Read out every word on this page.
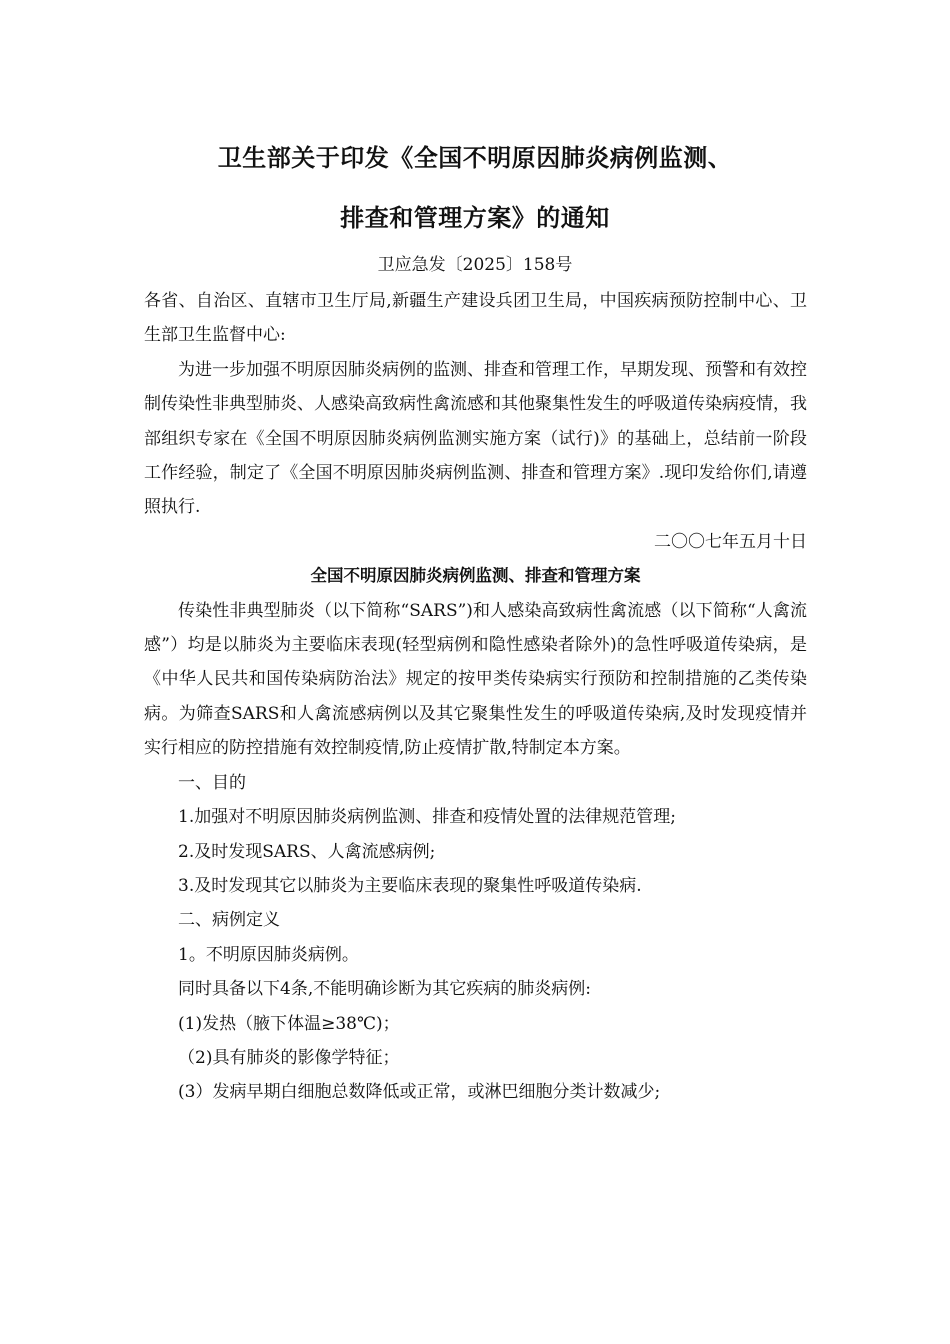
卫生部关于印发《全国不明原因肺炎病例监测、
排查和管理方案》的通知
卫应急发〔2025〕158号

各省、自治区、直辖市卫生厅局,新疆生产建设兵团卫生局，中国疾病预防控制中心、卫生部卫生监督中心:

为进一步加强不明原因肺炎病例的监测、排查和管理工作，早期发现、预警和有效控制传染性非典型肺炎、人感染高致病性禽流感和其他聚集性发生的呼吸道传染病疫情，我部组织专家在《全国不明原因肺炎病例监测实施方案（试行)》的基础上，总结前一阶段工作经验，制定了《全国不明原因肺炎病例监测、排查和管理方案》.现印发给你们,请遵照执行.

二〇〇七年五月十日

全国不明原因肺炎病例监测、排查和管理方案

传染性非典型肺炎（以下简称“SARS”)和人感染高致病性禽流感（以下简称“人禽流感”）均是以肺炎为主要临床表现(轻型病例和隐性感染者除外)的急性呼吸道传染病，是《中华人民共和国传染病防治法》规定的按甲类传染病实行预防和控制措施的乙类传染病。为筛查SARS和人禽流感病例以及其它聚集性发生的呼吸道传染病,及时发现疫情并实行相应的防控措施有效控制疫情,防止疫情扩散,特制定本方案。

一、目的

1.加强对不明原因肺炎病例监测、排查和疫情处置的法律规范管理;

2.及时发现SARS、人禽流感病例;

3.及时发现其它以肺炎为主要临床表现的聚集性呼吸道传染病.

二、病例定义

1。不明原因肺炎病例。

同时具备以下4条,不能明确诊断为其它疾病的肺炎病例:

(1)发热（腋下体温≥38℃)；

（2)具有肺炎的影像学特征；

(3）发病早期白细胞总数降低或正常，或淋巴细胞分类计数减少;
